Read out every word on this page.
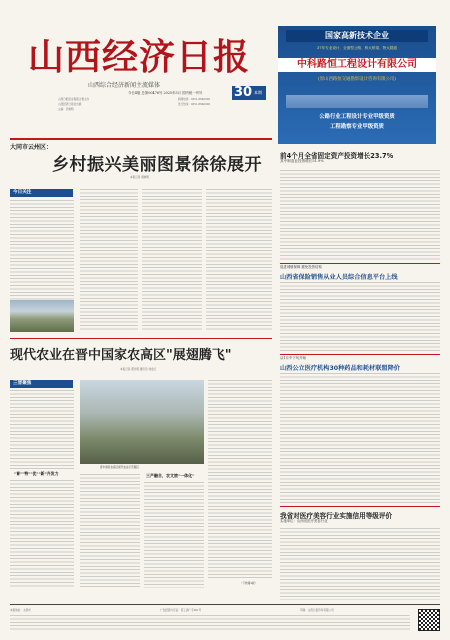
山西经济日报
山西综合经济新闻主流媒体
今日4版 总第00476号 2025年5月 国内统一刊号
山西日报报业集团主管主办
山西经济日报社出版
主编：范晓明
新闻热线：0351-6640000
发行热线：0351-6640000
30 本期
国家高新技术企业
37年专业设计、全面型公路、桥大桥梁、特大隧道
中科路恒工程设计有限公司
(原山西路恒交通勘察设计咨询有限公司)
公路行业工程设计专业甲级资质
工程勘察专业甲级资质
大同市云州区：
乡村振兴美丽图景徐徐展开
本报记者 胡晓明
今日关注
前4个月全省固定资产投资增长23.7%
其中制造业投资增长51.9%
促进城镇保障 避免投资结构
山西省保险销售从业人员综合信息平台上线
从1月中下旬开始
山西公立医疗机构30种药品和耗材联盟降价
我省对医疗美容行业实施信用等级评价
实施单位：山西省医疗美容行业
现代农业在晋中国家农高区"展翅腾飞"
本报记者 郝光明 通讯员 刘金红
三晋聚焦
"育""特""优""新"齐发力
晋中国家农高区现代农业示范园区
三产融合，农文旅"一体化"
（下转第2版）
本报地址：太原市	广告经营许可证：晋工商广字001号	印刷：山西日报印务有限公司
